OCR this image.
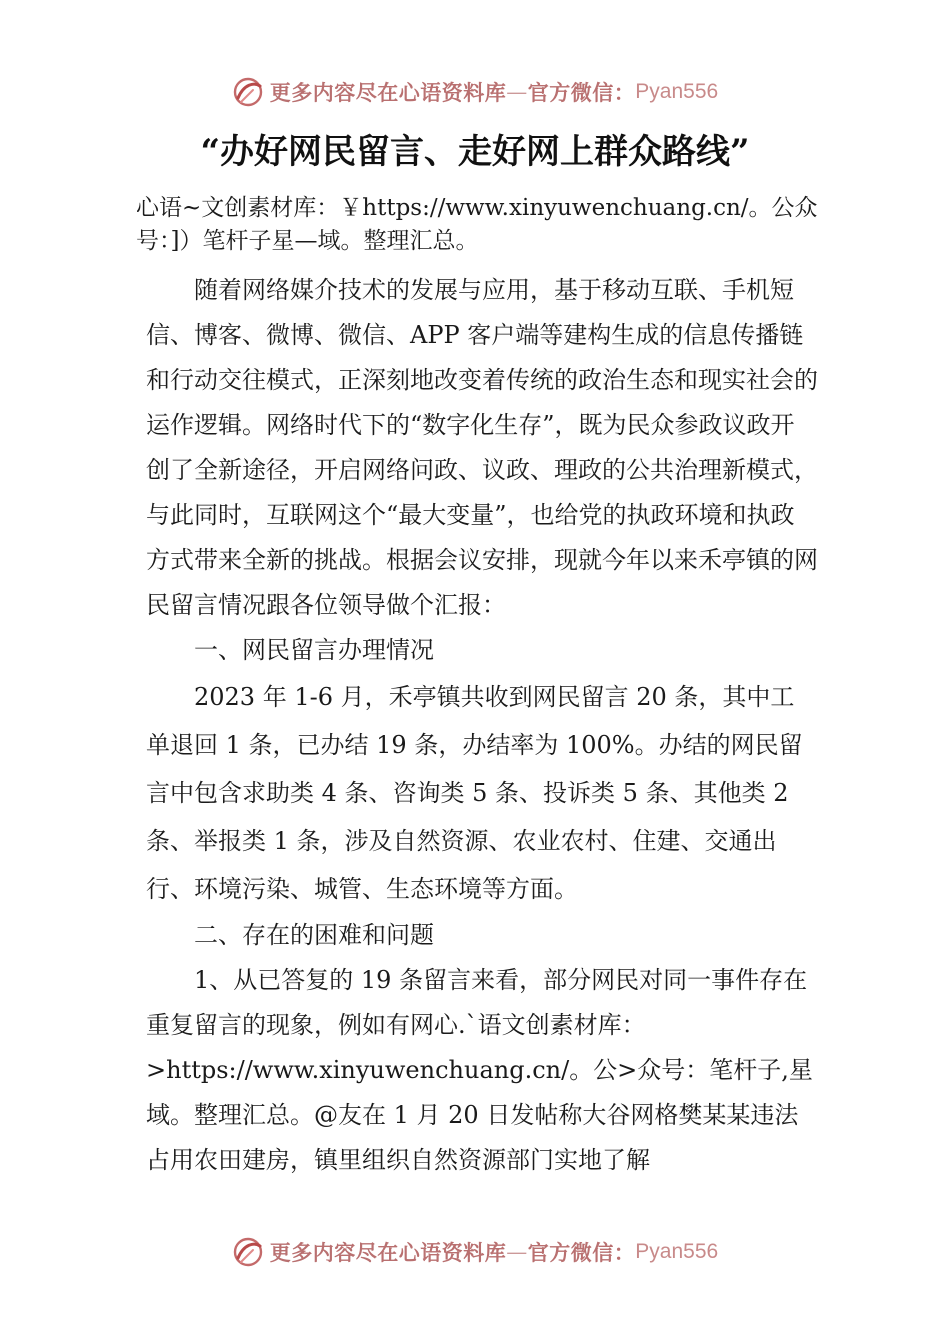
更多内容尽在心语资料库 — 官方微信： Pyan556
“办好网民留言、走好网上群众路线”
心语~文创素材库：￥https://www.xinyuwenchuang.cn/。公众号：]）笔杆子星—域。整理汇总。

随着网络媒介技术的发展与应用，基于移动互联、手机短信、博客、微博、微信、APP 客户端等建构生成的信息传播链和行动交往模式，正深刻地改变着传统的政治生态和现实社会的运作逻辑。网络时代下的“数字化生存”，既为民众参政议政开创了全新途径，开启网络问政、议政、理政的公共治理新模式，与此同时，互联网这个“最大变量”，也给党的执政环境和执政方式带来全新的挑战。根据会议安排，现就今年以来禾亭镇的网民留言情况跟各位领导做个汇报：

一、网民留言办理情况

2023 年 1-6 月，禾亭镇共收到网民留言 20 条，其中工单退回 1 条，已办结 19 条，办结率为 100%。办结的网民留言中包含求助类 4 条、咨询类 5 条、投诉类 5 条、其他类 2 条、举报类 1 条，涉及自然资源、农业农村、住建、交通出行、环境污染、城管、生态环境等方面。

二、存在的困难和问题

1、从已答复的 19 条留言来看，部分网民对同一事件存在重复留言的现象，例如有网心.`语文创素材库：>https://www.xinyuwenchuang.cn/。公>众号：笔杆子,星域。整理汇总。@友在 1 月 20 日发帖称大谷网格樊某某违法占用农田建房，镇里组织自然资源部门实地了解

更多内容尽在心语资料库 — 官方微信： Pyan556
